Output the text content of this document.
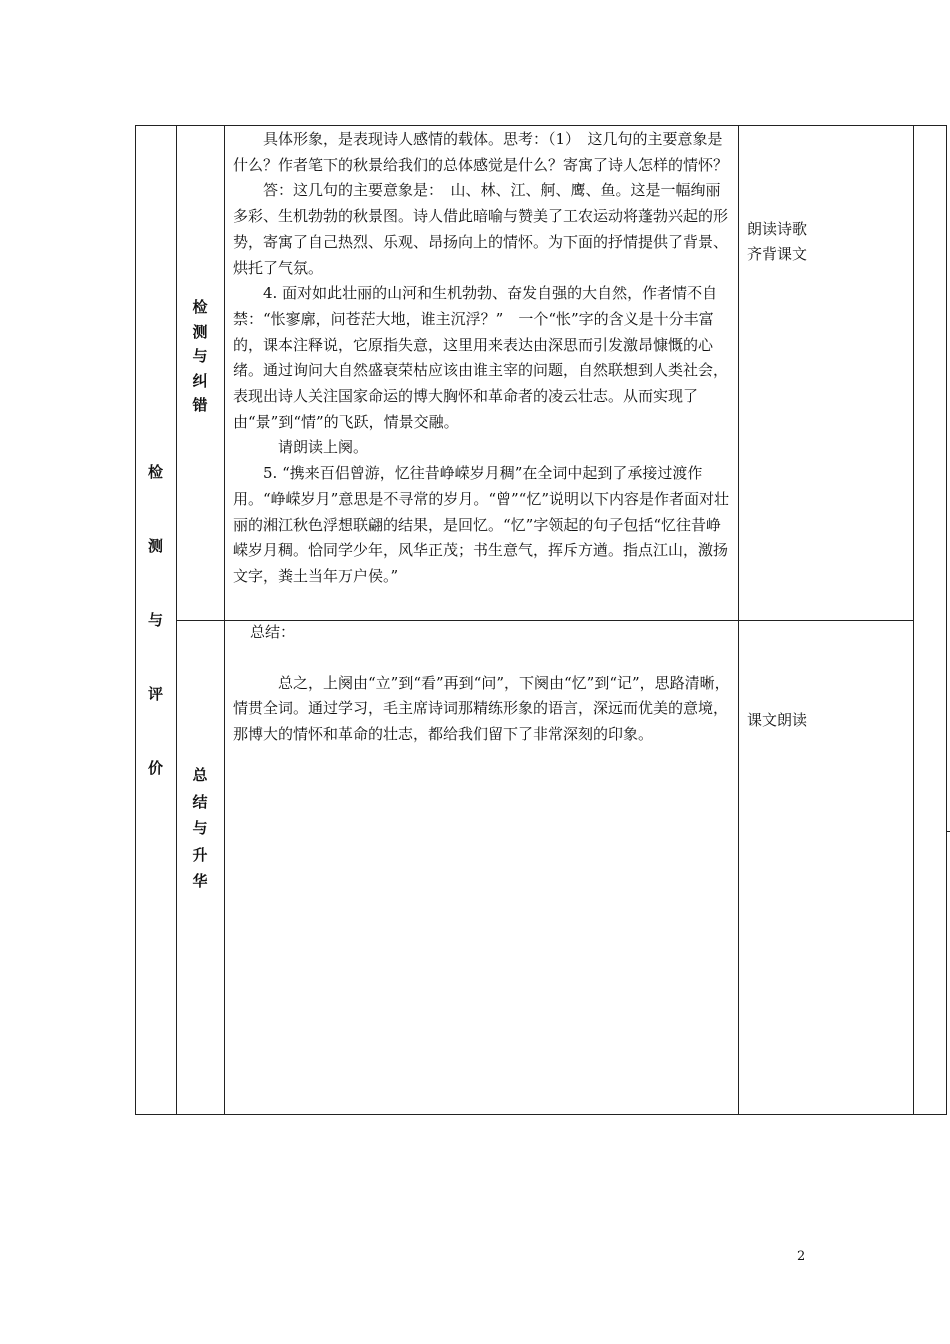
检
测
与
评
价
检
测
与
纠
错

具体形象，是表现诗人感情的载体。思考：（1）　这几句的主要意象是什么？作者笔下的秋景给我们的总体感觉是什么？寄寓了诗人怎样的情怀？

答：这几句的主要意象是：　山、林、江、舸、鹰、鱼。这是一幅绚丽多彩、生机勃勃的秋景图。诗人借此暗喻与赞美了工农运动将蓬勃兴起的形势，寄寓了自己热烈、乐观、昂扬向上的情怀。为下面的抒情提供了背景、烘托了气氛。

4. 面对如此壮丽的山河和生机勃勃、奋发自强的大自然，作者情不自禁：“怅寥廓，问苍茫大地，谁主沉浮？”　一个“怅”字的含义是十分丰富的，课本注释说，它原指失意，这里用来表达由深思而引发激昂慷慨的心绪。通过询问大自然盛衰荣枯应该由谁主宰的问题，自然联想到人类社会，表现出诗人关注国家命运的博大胸怀和革命者的凌云壮志。从而实现了由“景”到“情”的飞跃，情景交融。

请朗读上阕。

5. “携来百侣曾游，忆往昔峥嵘岁月稠”在全词中起到了承接过渡作用。“峥嵘岁月”意思是不寻常的岁月。“曾”“忆”说明以下内容是作者面对壮丽的湘江秋色浮想联翩的结果，是回忆。“忆”字领起的句子包括“忆往昔峥嵘岁月稠。恰同学少年，风华正茂；书生意气，挥斥方遒。指点江山，激扬文字，粪土当年万户侯。”

朗读诗歌
齐背课文
总
结
与
升
华

总结：

总之，上阕由“立”到“看”再到“问”，下阕由“忆”到“记”，思路清晰，情贯全词。通过学习，毛主席诗词那精练形象的语言，深远而优美的意境，那博大的情怀和革命的壮志，都给我们留下了非常深刻的印象。

课文朗读
2
